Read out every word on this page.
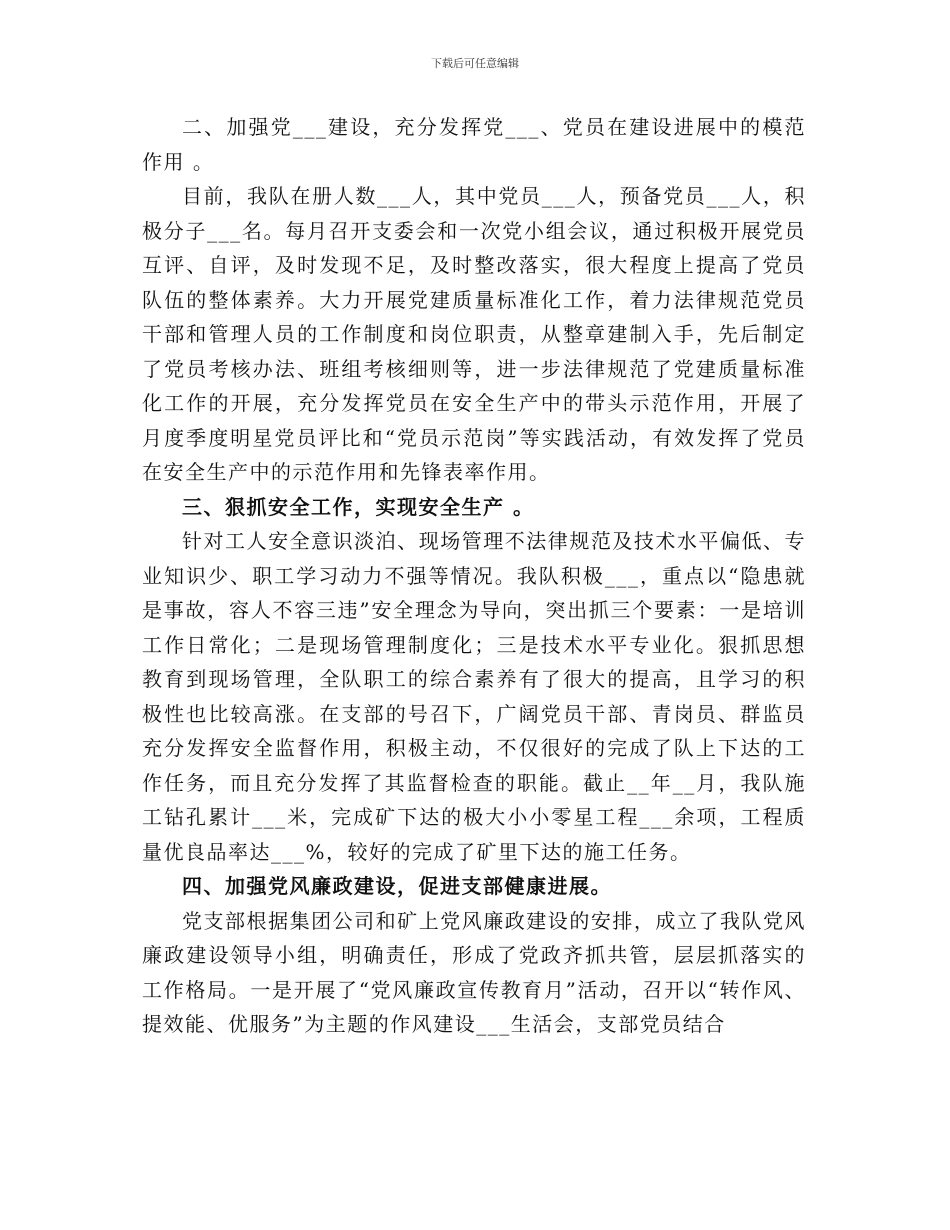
下载后可任意编辑

二、加强党___建设，充分发挥党___、党员在建设进展中的模范作用 。

目前，我队在册人数___人，其中党员___人，预备党员___人，积极分子___名。每月召开支委会和一次党小组会议，通过积极开展党员互评、自评，及时发现不足，及时整改落实，很大程度上提高了党员队伍的整体素养。大力开展党建质量标准化工作，着力法律规范党员干部和管理人员的工作制度和岗位职责，从整章建制入手，先后制定了党员考核办法、班组考核细则等，进一步法律规范了党建质量标准化工作的开展，充分发挥党员在安全生产中的带头示范作用，开展了月度季度明星党员评比和“党员示范岗”等实践活动，有效发挥了党员在安全生产中的示范作用和先锋表率作用。

三、狠抓安全工作，实现安全生产 。

针对工人安全意识淡泊、现场管理不法律规范及技术水平偏低、专业知识少、职工学习动力不强等情况。我队积极___，重点以“隐患就是事故，容人不容三违”安全理念为导向，突出抓三个要素：一是培训工作日常化；二是现场管理制度化；三是技术水平专业化。狠抓思想教育到现场管理，全队职工的综合素养有了很大的提高，且学习的积极性也比较高涨。在支部的号召下，广阔党员干部、青岗员、群监员充分发挥安全监督作用，积极主动，不仅很好的完成了队上下达的工作任务，而且充分发挥了其监督检查的职能。截止__年__月，我队施工钻孔累计___米，完成矿下达的极大小小零星工程___余项，工程质量优良品率达___%，较好的完成了矿里下达的施工任务。

四、加强党风廉政建设，促进支部健康进展。

党支部根据集团公司和矿上党风廉政建设的安排，成立了我队党风廉政建设领导小组，明确责任，形成了党政齐抓共管，层层抓落实的工作格局。一是开展了“党风廉政宣传教育月”活动，召开以“转作风、提效能、优服务”为主题的作风建设___生活会，支部党员结合
